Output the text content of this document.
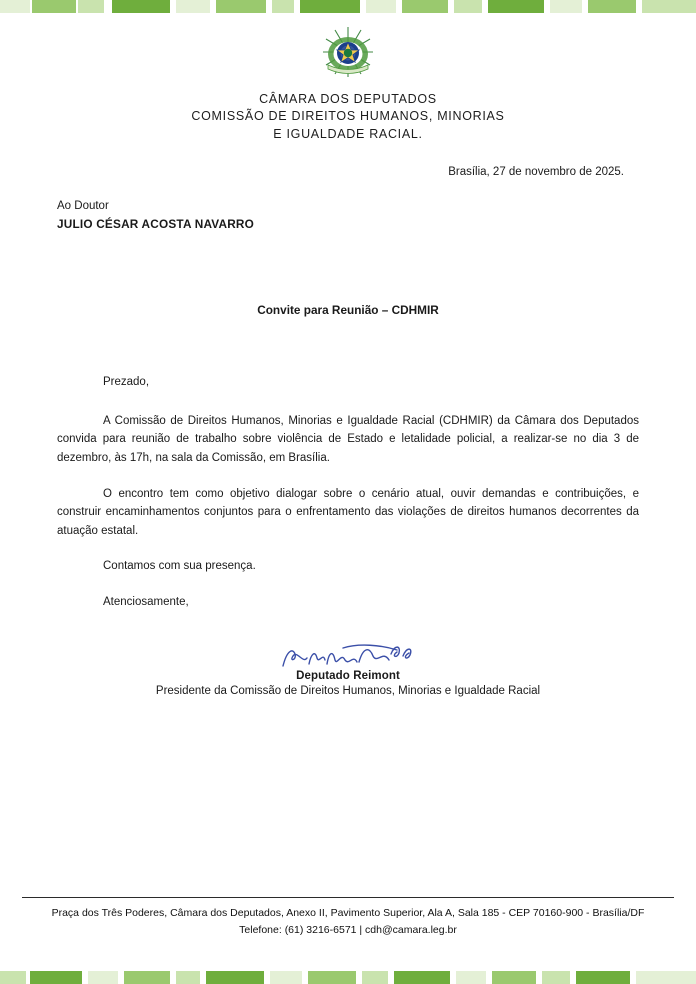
CÂMARA DOS DEPUTADOS
COMISSÃO DE DIREITOS HUMANOS, MINORIAS
E IGUALDADE RACIAL.
Brasília, 27 de novembro de 2025.
Ao Doutor
JULIO CÉSAR ACOSTA NAVARRO
Convite para Reunião – CDHMIR

Prezado,

A Comissão de Direitos Humanos, Minorias e Igualdade Racial (CDHMIR) da Câmara dos Deputados convida para reunião de trabalho sobre violência de Estado e letalidade policial, a realizar-se no dia 3 de dezembro, às 17h, na sala da Comissão, em Brasília.

O encontro tem como objetivo dialogar sobre o cenário atual, ouvir demandas e contribuições, e construir encaminhamentos conjuntos para o enfrentamento das violações de direitos humanos decorrentes da atuação estatal.

Contamos com sua presença.

Atenciosamente,

Deputado Reimont
Presidente da Comissão de Direitos Humanos, Minorias e Igualdade Racial
Praça dos Três Poderes, Câmara dos Deputados, Anexo II, Pavimento Superior, Ala A, Sala 185 - CEP 70160-900 - Brasília/DF
Telefone: (61) 3216-6571 | cdh@camara.leg.br
